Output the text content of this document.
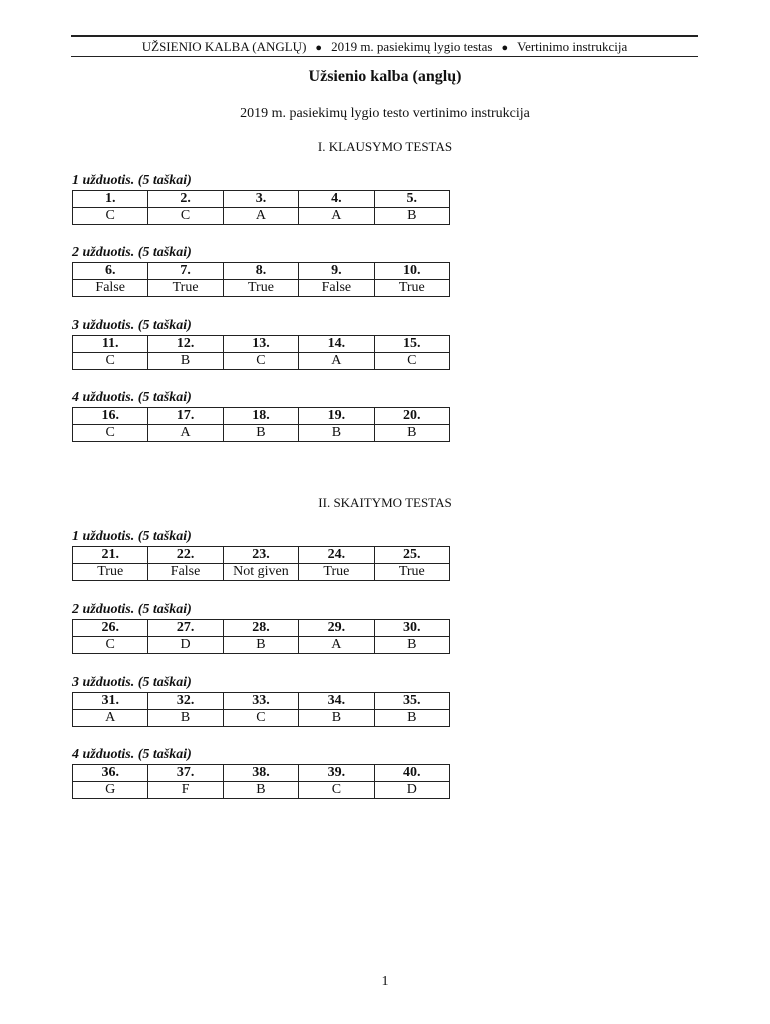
UŽSIENIO KALBA (ANGLŲ) ● 2019 m. pasiekimų lygio testas ● Vertinimo instrukcija
Užsienio kalba (anglų)
2019 m. pasiekimų lygio testo vertinimo instrukcija
I. KLAUSYMO TESTAS
1 užduotis. (5 taškai)
1.	2.	3.	4.	5.
C	C	A	A	B
2 užduotis. (5 taškai)
6.	7.	8.	9.	10.
False	True	True	False	True
3 užduotis. (5 taškai)
11.	12.	13.	14.	15.
C	B	C	A	C
4 užduotis. (5 taškai)
16.	17.	18.	19.	20.
C	A	B	B	B
II. SKAITYMO TESTAS
1 užduotis. (5 taškai)
21.	22.	23.	24.	25.
True	False	Not given	True	True
2 užduotis. (5 taškai)
26.	27.	28.	29.	30.
C	D	B	A	B
3 užduotis. (5 taškai)
31.	32.	33.	34.	35.
A	B	C	B	B
4 užduotis. (5 taškai)
36.	37.	38.	39.	40.
G	F	B	C	D
1
